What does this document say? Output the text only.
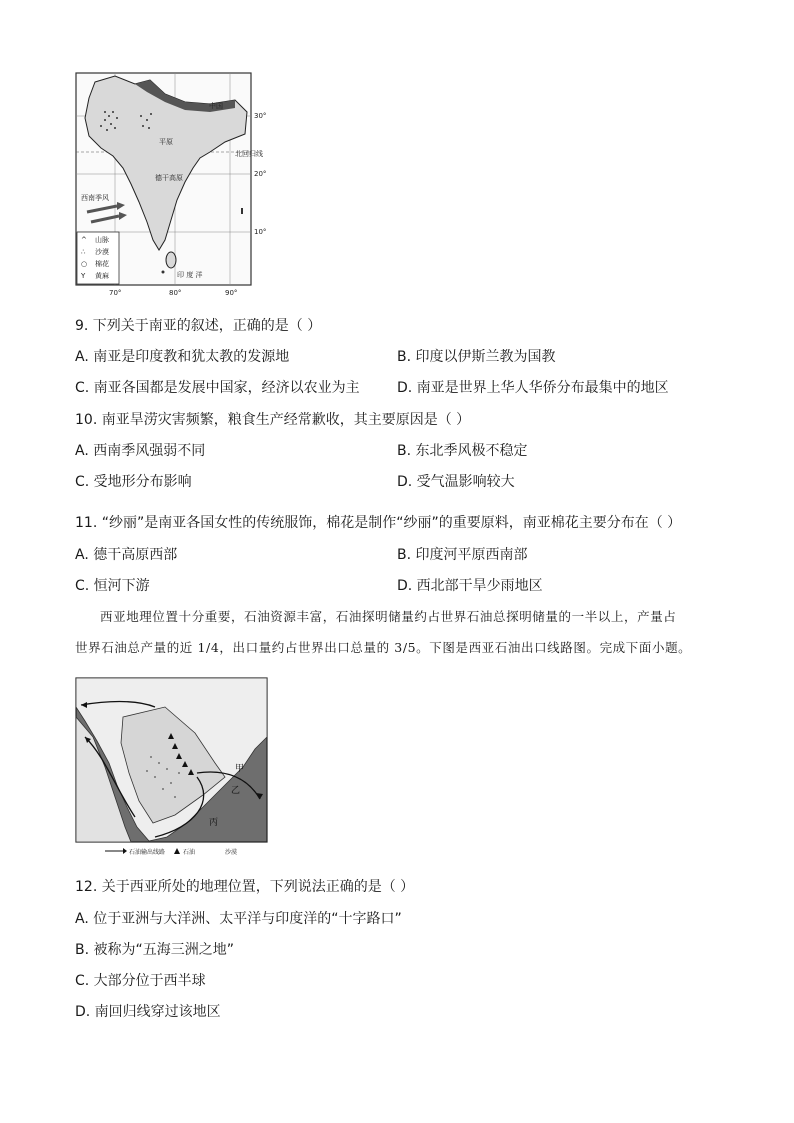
中国
30°
20°
10°
北回归线
平原
德干高原
西南季风
印 度 洋
70°	80°	90°
^ 山脉
∴ 沙漠
○ 棉花
Y 黄麻
9. 下列关于南亚的叙述，正确的是（ ）
A. 南亚是印度教和犹太教的发源地	B. 印度以伊斯兰教为国教
C. 南亚各国都是发展中国家，经济以农业为主	D. 南亚是世界上华人华侨分布最集中的地区
10. 南亚旱涝灾害频繁，粮食生产经常歉收，其主要原因是（ ）
A. 西南季风强弱不同	B. 东北季风极不稳定
C. 受地形分布影响	D. 受气温影响较大
11. “纱丽”是南亚各国女性的传统服饰，棉花是制作“纱丽”的重要原料，南亚棉花主要分布在（ ）
A. 德干高原西部	B. 印度河平原西南部
C. 恒河下游	D. 西北部干旱少雨地区
西亚地理位置十分重要，石油资源丰富，石油探明储量约占世界石油总探明储量的一半以上，产量占
世界石油总产量的近 1/4，出口量约占世界出口总量的 3/5。下图是西亚石油出口线路图。完成下面小题。
甲
乙
丙
石油输出线路	石油	沙漠
12. 关于西亚所处的地理位置，下列说法正确的是（ ）
A. 位于亚洲与大洋洲、太平洋与印度洋的“十字路口”
B. 被称为“五海三洲之地”
C. 大部分位于西半球
D. 南回归线穿过该地区
